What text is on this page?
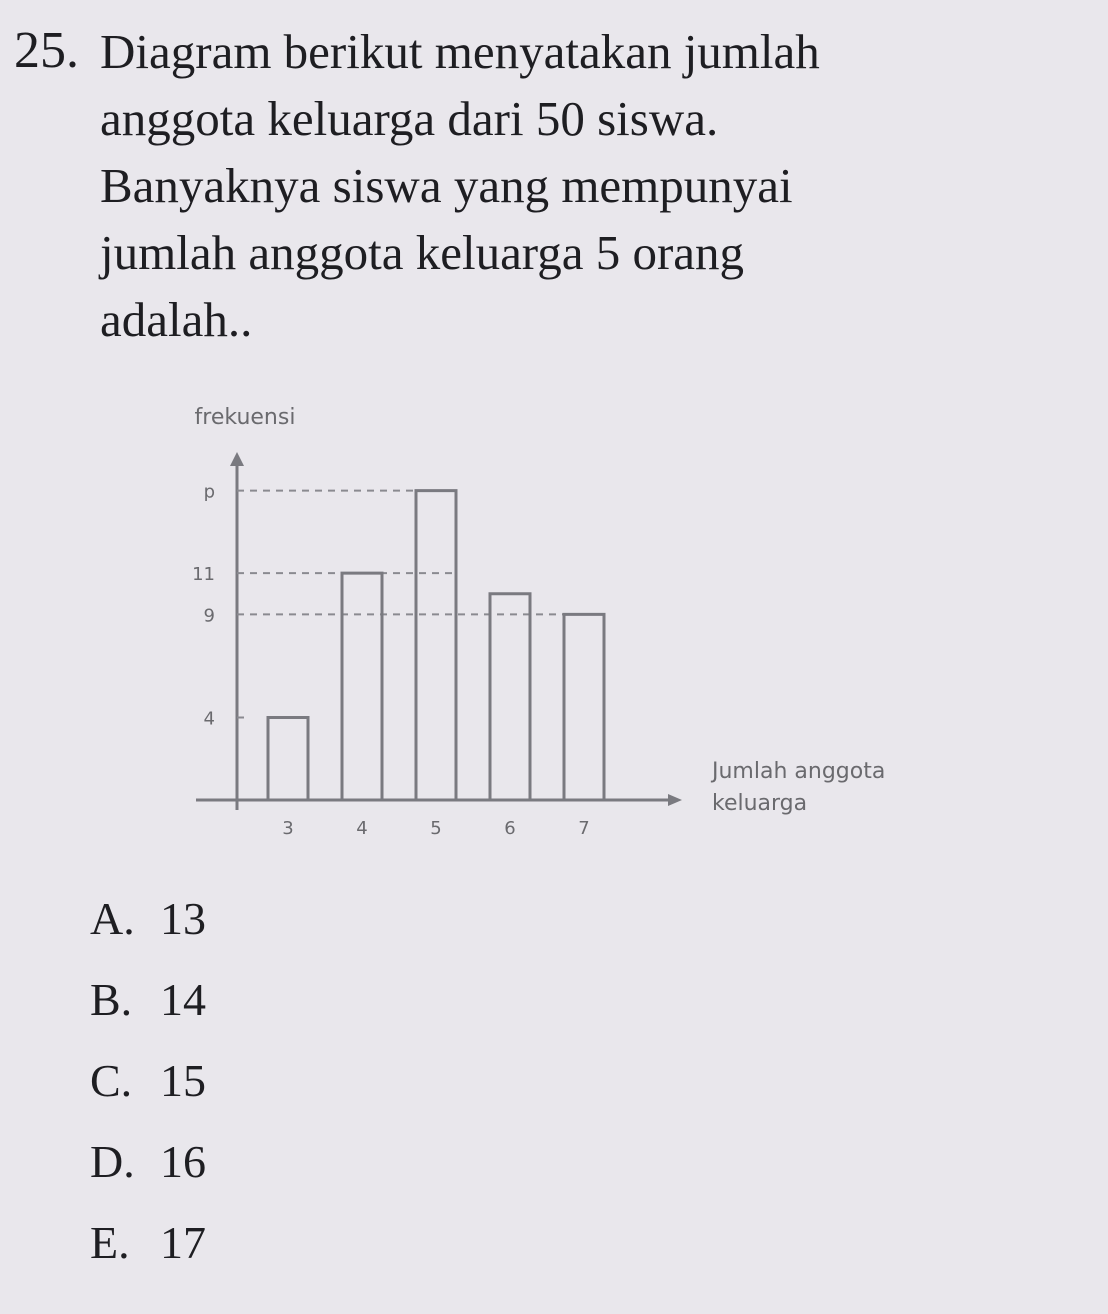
25. Diagram berikut menyatakan jumlah
anggota keluarga dari 50 siswa.
Banyaknya siswa yang mempunyai
jumlah anggota keluarga 5 orang
adalah..
4
9
11
p
3	4	5	6	7
frekuensi
Jumlah anggota
keluarga
A. 13
B. 14
C. 15
D. 16
E. 17
